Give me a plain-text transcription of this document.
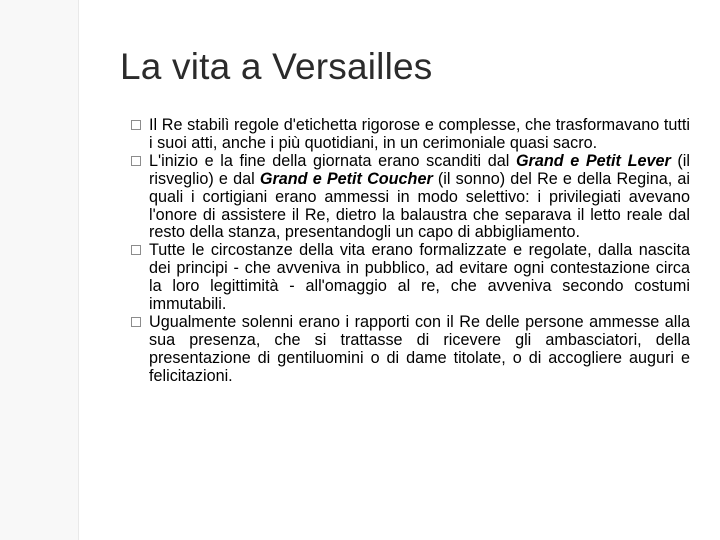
La vita a Versailles
Il Re stabilì regole d'etichetta rigorose e complesse, che trasformavano tutti i suoi atti, anche i più quotidiani, in un cerimoniale quasi sacro.
L'inizio e la fine della giornata erano scanditi dal Grand e Petit Lever (il risveglio) e dal Grand e Petit Coucher (il sonno) del Re e della Regina, ai quali i cortigiani erano ammessi in modo selettivo: i privilegiati avevano l'onore di assistere il Re, dietro la balaustra che separava il letto reale dal resto della stanza, presentandogli un capo di abbigliamento.
Tutte le circostanze della vita erano formalizzate e regolate, dalla nascita dei principi - che avveniva in pubblico, ad evitare ogni contestazione circa la loro legittimità - all'omaggio al re, che avveniva secondo costumi immutabili.
Ugualmente solenni erano i rapporti con il Re delle persone ammesse alla sua presenza, che si trattasse di ricevere gli ambasciatori, della presentazione di gentiluomini o di dame titolate, o di accogliere auguri e felicitazioni.
